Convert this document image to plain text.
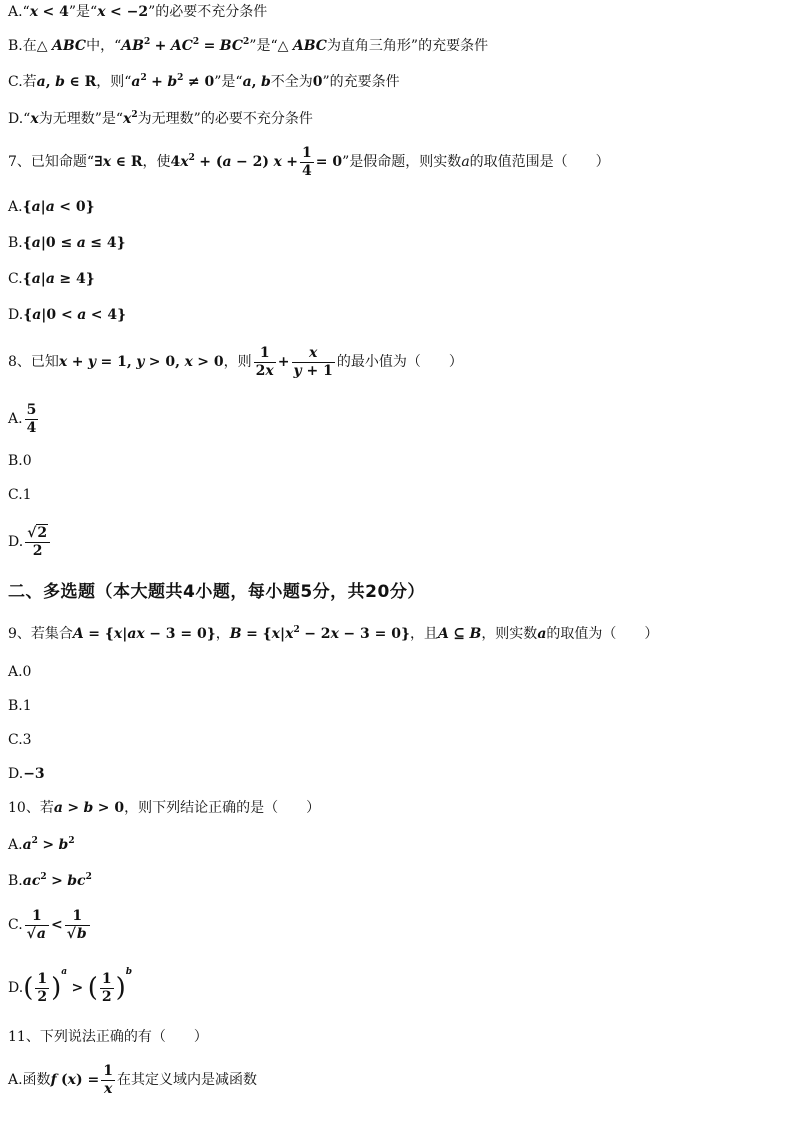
A.“x < 4”是“x < −2”的必要不充分条件
B.在△ ABC中，“$AB^2 + AC^2 = BC^2$”是“△ ABC为直角三角形”的充要条件
C.若a, b ∈ R，则“$a^2 + b^2 \ne 0$”是“a, b不全为0”的充要条件
D.“x为无理数”是“$x^2$为无理数”的必要不充分条件
7、已知命题“∃x ∈ R，使$4x^2 + (a - 2) x + \frac{1}{4} = 0$”是假命题，则实数a的取值范围是（　　）
A.{a|a < 0}
B.{a|0 ≤ a ≤ 4}
C.{a|a ≥ 4}
D.{a|0 < a < 4}
8、已知x + y = 1, y > 0, x > 0，则 $\frac{1}{2x} + \frac{x}{y + 1}$ 的最小值为（　　）
A. $\frac{5}{4}$
B.0
C.1
D. $\frac{√2}{2}$
二、多选题（本大题共4小题，每小题5分，共20分）
9、若集合A = {x|ax − 3 = 0}，$B = \{x|x^2 - 2x - 3 = 0\}$，且A ⊆ B，则实数a的取值为（　　）
A.0
B.1
C.3
D.−3
10、若a > b > 0，则下列结论正确的是（　　）
$A.a^2 > b^2$
$B.ac^2 > bc^2$
C. $\frac{1}{√a} < \frac{1}{√b}$
$D.( \frac{1}{2} )^a$ > ( $\frac{1}{2} )^b$
11、下列说法正确的有（　　）
A.函数f $(x) = \frac{1}{x}$ 在其定义域内是减函数
